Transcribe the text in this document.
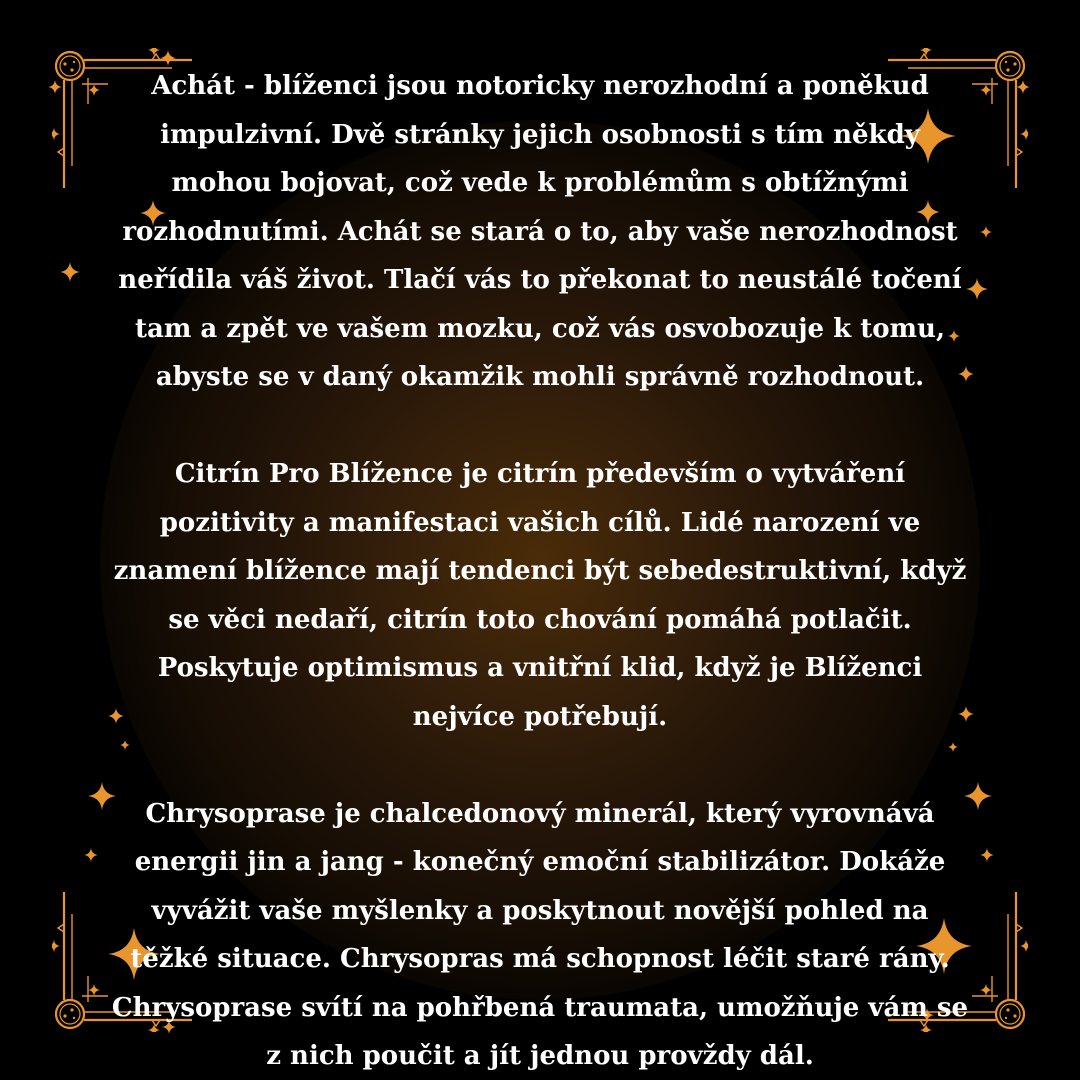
Achát - blíženci jsou notoricky nerozhodní a poněkud
impulzivní. Dvě stránky jejich osobnosti s tím někdy
mohou bojovat, což vede k problémům s obtížnými
rozhodnutími. Achát se stará o to, aby vaše nerozhodnost
neřídila váš život. Tlačí vás to překonat to neustálé točení
tam a zpět ve vašem mozku, což vás osvobozuje k tomu,
abyste se v daný okamžik mohli správně rozhodnout.

Citrín Pro Blížence je citrín především o vytváření
pozitivity a manifestaci vašich cílů. Lidé narození ve
znamení blížence mají tendenci být sebedestruktivní, když
se věci nedaří, citrín toto chování pomáhá potlačit.
Poskytuje optimismus a vnitřní klid, když je Blíženci
nejvíce potřebují.

Chrysoprase je chalcedonový minerál, který vyrovnává
energii jin a jang - konečný emoční stabilizátor. Dokáže
vyvážit vaše myšlenky a poskytnout novější pohled na
těžké situace. Chrysopras má schopnost léčit staré rány.
Chrysoprase svítí na pohřbená traumata, umožňuje vám se
z nich poučit a jít jednou provždy dál.
